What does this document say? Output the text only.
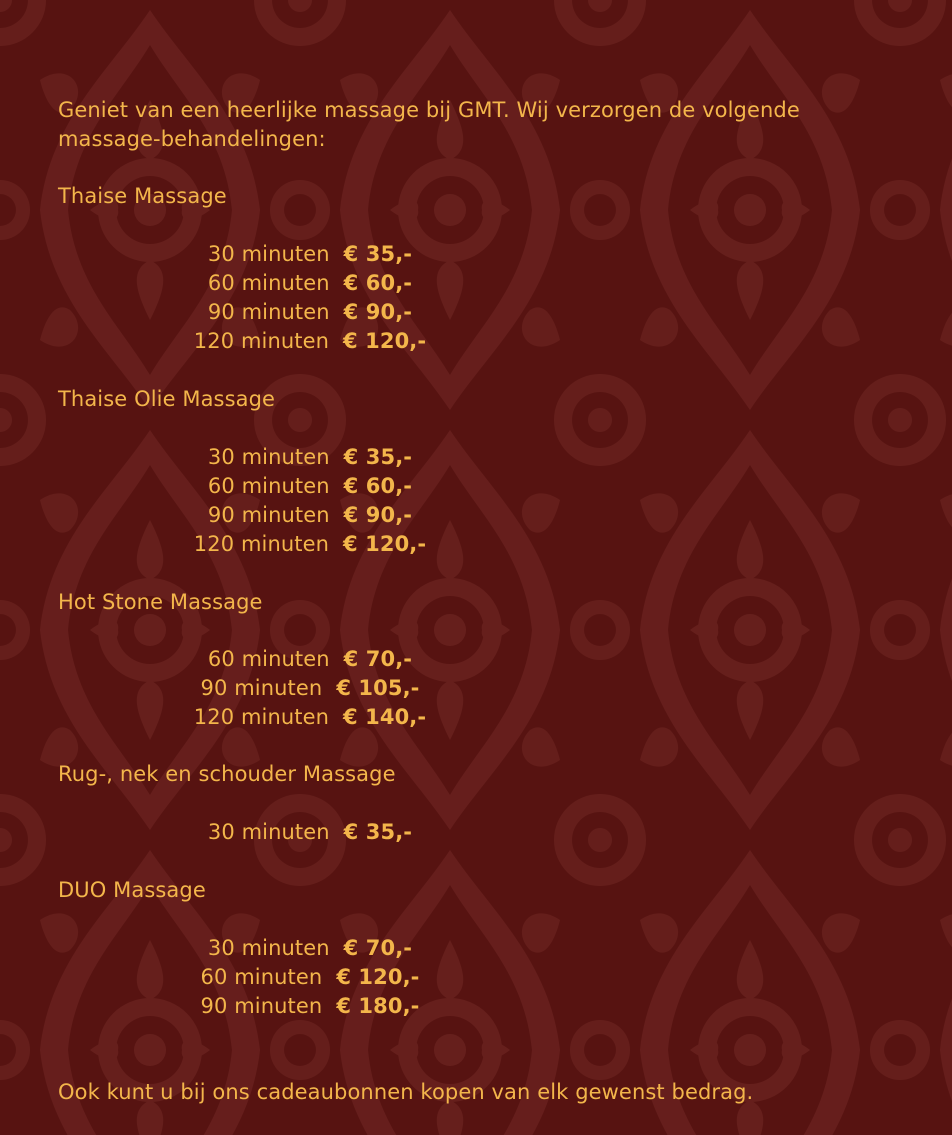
Geniet van een heerlijke massage bij GMT. Wij verzorgen de volgende
massage-behandelingen:
Thaise Massage
30 minuten € 35,-
60 minuten € 60,-
90 minuten € 90,-
120 minuten € 120,-
Thaise Olie Massage
30 minuten € 35,-
60 minuten € 60,-
90 minuten € 90,-
120 minuten € 120,-
Hot Stone Massage
60 minuten € 70,-
90 minuten € 105,-
120 minuten € 140,-
Rug-, nek en schouder Massage
30 minuten € 35,-
DUO Massage
30 minuten € 70,-
60 minuten € 120,-
90 minuten € 180,-
Ook kunt u bij ons cadeaubonnen kopen van elk gewenst bedrag.
